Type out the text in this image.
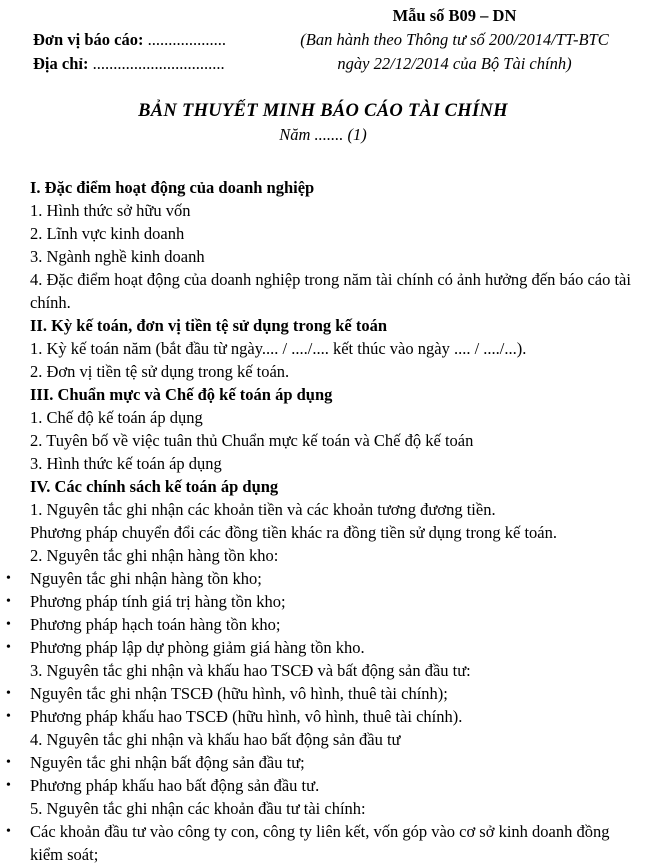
Đơn vị báo cáo: ...................
Địa chỉ: ................................
Mẫu số B09 – DN
(Ban hành theo Thông tư số 200/2014/TT-BTC
ngày 22/12/2014 của Bộ Tài chính)
BẢN THUYẾT MINH BÁO CÁO TÀI CHÍNH
Năm ....... (1)
I. Đặc điểm hoạt động của doanh nghiệp
1. Hình thức sở hữu vốn
2. Lĩnh vực kinh doanh
3. Ngành nghề kinh doanh
4. Đặc điểm hoạt động của doanh nghiệp trong năm tài chính có ảnh hưởng đến báo cáo tài chính.
II. Kỳ kế toán, đơn vị tiền tệ sử dụng trong kế toán
1. Kỳ kế toán năm (bắt đầu từ ngày.... / ..../.... kết thúc vào ngày .... / ..../...).
2. Đơn vị tiền tệ sử dụng trong kế toán.
III. Chuẩn mực và Chế độ kế toán áp dụng
1. Chế độ kế toán áp dụng
2. Tuyên bố về việc tuân thủ Chuẩn mực kế toán và Chế độ kế toán
3. Hình thức kế toán áp dụng
IV. Các chính sách kế toán áp dụng
1. Nguyên tắc ghi nhận các khoản tiền và các khoản tương đương tiền.
Phương pháp chuyển đổi các đồng tiền khác ra đồng tiền sử dụng trong kế toán.
2. Nguyên tắc ghi nhận hàng tồn kho:
• Nguyên tắc ghi nhận hàng tồn kho;
• Phương pháp tính giá trị hàng tồn kho;
• Phương pháp hạch toán hàng tồn kho;
• Phương pháp lập dự phòng giảm giá hàng tồn kho.
3. Nguyên tắc ghi nhận và khấu hao TSCĐ và bất động sản đầu tư:
• Nguyên tắc ghi nhận TSCĐ (hữu hình, vô hình, thuê tài chính);
• Phương pháp khấu hao TSCĐ (hữu hình, vô hình, thuê tài chính).
4. Nguyên tắc ghi nhận và khấu hao bất động sản đầu tư
• Nguyên tắc ghi nhận bất động sản đầu tư;
• Phương pháp khấu hao bất động sản đầu tư.
5. Nguyên tắc ghi nhận các khoản đầu tư tài chính:
• Các khoản đầu tư vào công ty con, công ty liên kết, vốn góp vào cơ sở kinh doanh đồng kiểm soát;
